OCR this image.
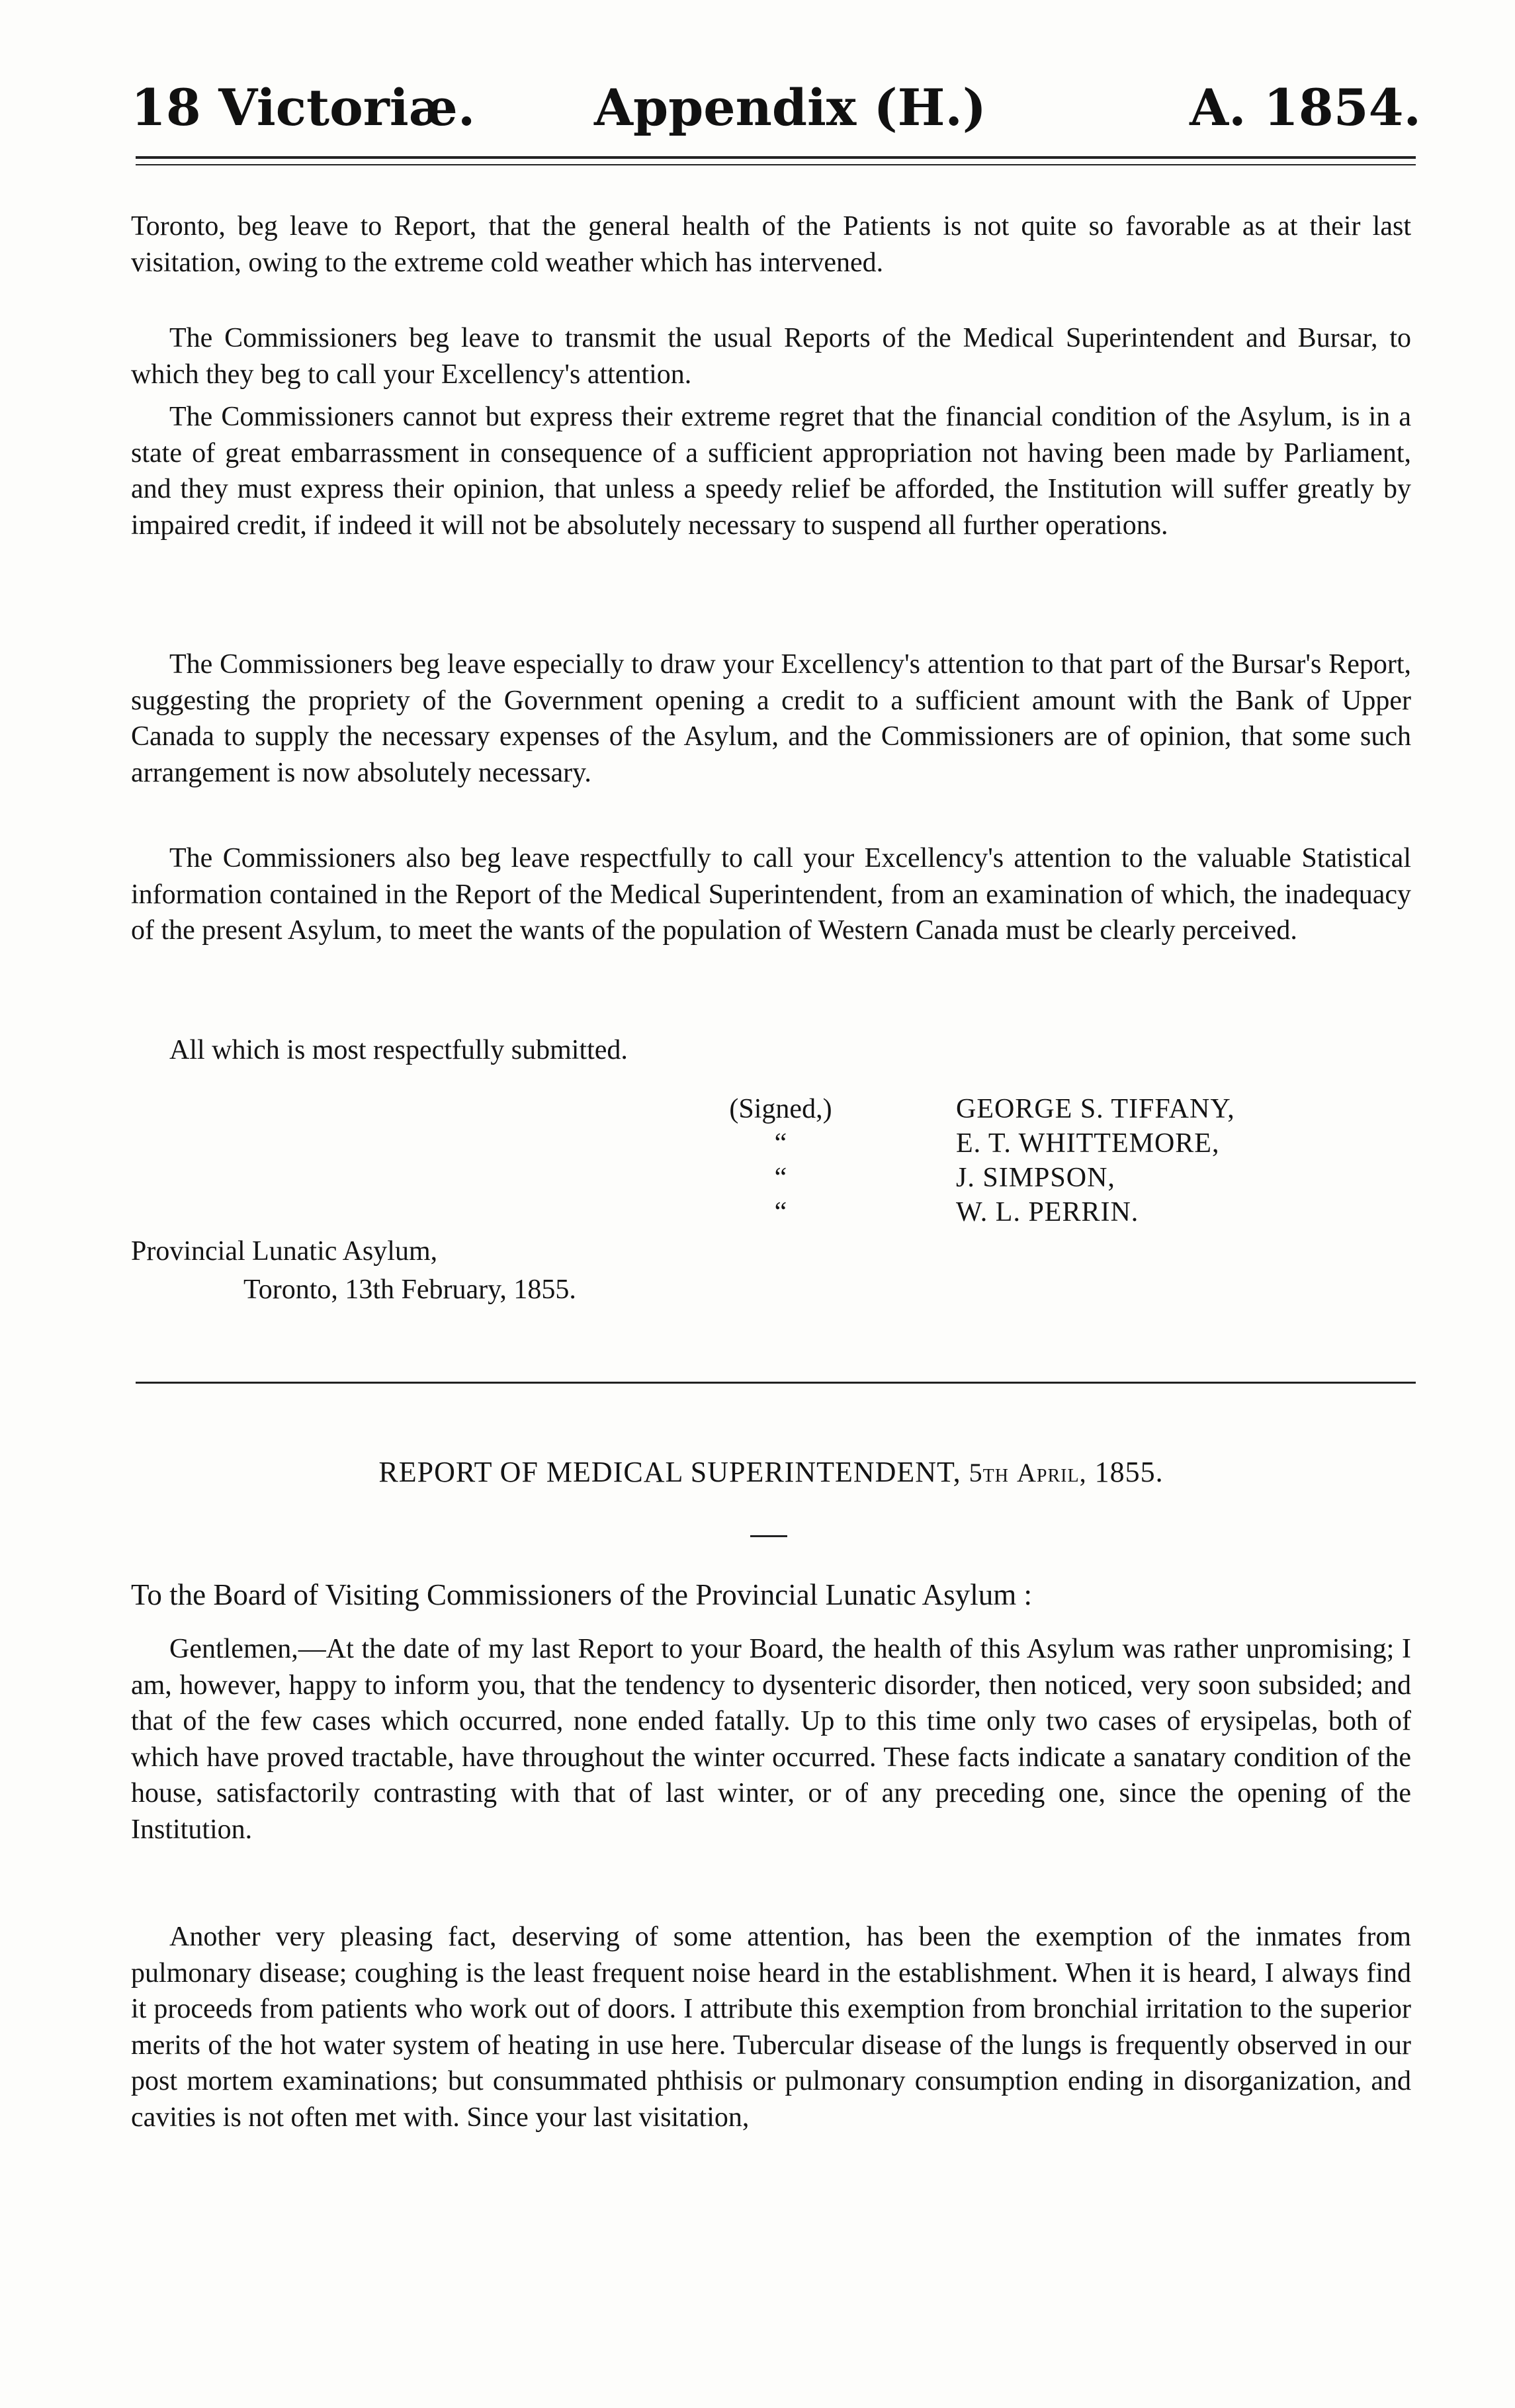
18 Victoriæ. Appendix (H.)	A. 1854.

Toronto, beg leave to Report, that the general health of the Patients is not quite so favorable as at their last visitation, owing to the extreme cold weather which has intervened.

The Commissioners beg leave to transmit the usual Reports of the Medical Superintendent and Bursar, to which they beg to call your Excellency's attention.

The Commissioners cannot but express their extreme regret that the financial condition of the Asylum, is in a state of great embarrassment in consequence of a sufficient appropriation not having been made by Parliament, and they must express their opinion, that unless a speedy relief be afforded, the Institution will suffer greatly by impaired credit, if indeed it will not be absolutely necessary to suspend all further operations.

The Commissioners beg leave especially to draw your Excellency's attention to that part of the Bursar's Report, suggesting the propriety of the Government opening a credit to a sufficient amount with the Bank of Upper Canada to supply the necessary expenses of the Asylum, and the Commissioners are of opinion, that some such arrangement is now absolutely necessary.

The Commissioners also beg leave respectfully to call your Excellency's attention to the valuable Statistical information contained in the Report of the Medical Superintendent, from an examination of which, the inadequacy of the present Asylum, to meet the wants of the population of Western Canada must be clearly perceived.

All which is most respectfully submitted.

(Signed,)	GEORGE S. TIFFANY,
“	E. T. WHITTEMORE,
“	J. SIMPSON,
“	W. L. PERRIN.
Provincial Lunatic Asylum,
Toronto, 13th February, 1855.
REPORT OF MEDICAL SUPERINTENDENT, 5th April, 1855.
To the Board of Visiting Commissioners of the Provincial Lunatic Asylum :

Gentlemen,—At the date of my last Report to your Board, the health of this Asylum was rather unpromising; I am, however, happy to inform you, that the tendency to dysenteric disorder, then noticed, very soon subsided; and that of the few cases which occurred, none ended fatally. Up to this time only two cases of erysipelas, both of which have proved tractable, have throughout the winter occurred. These facts indicate a sanatary condition of the house, satisfactorily contrasting with that of last winter, or of any preceding one, since the opening of the Institution.

Another very pleasing fact, deserving of some attention, has been the exemption of the inmates from pulmonary disease; coughing is the least frequent noise heard in the establishment. When it is heard, I always find it proceeds from patients who work out of doors. I attribute this exemption from bronchial irritation to the superior merits of the hot water system of heating in use here. Tubercular disease of the lungs is frequently observed in our post mortem examinations; but consummated phthisis or pulmonary consumption ending in disorganization, and cavities is not often met with. Since your last visitation,
